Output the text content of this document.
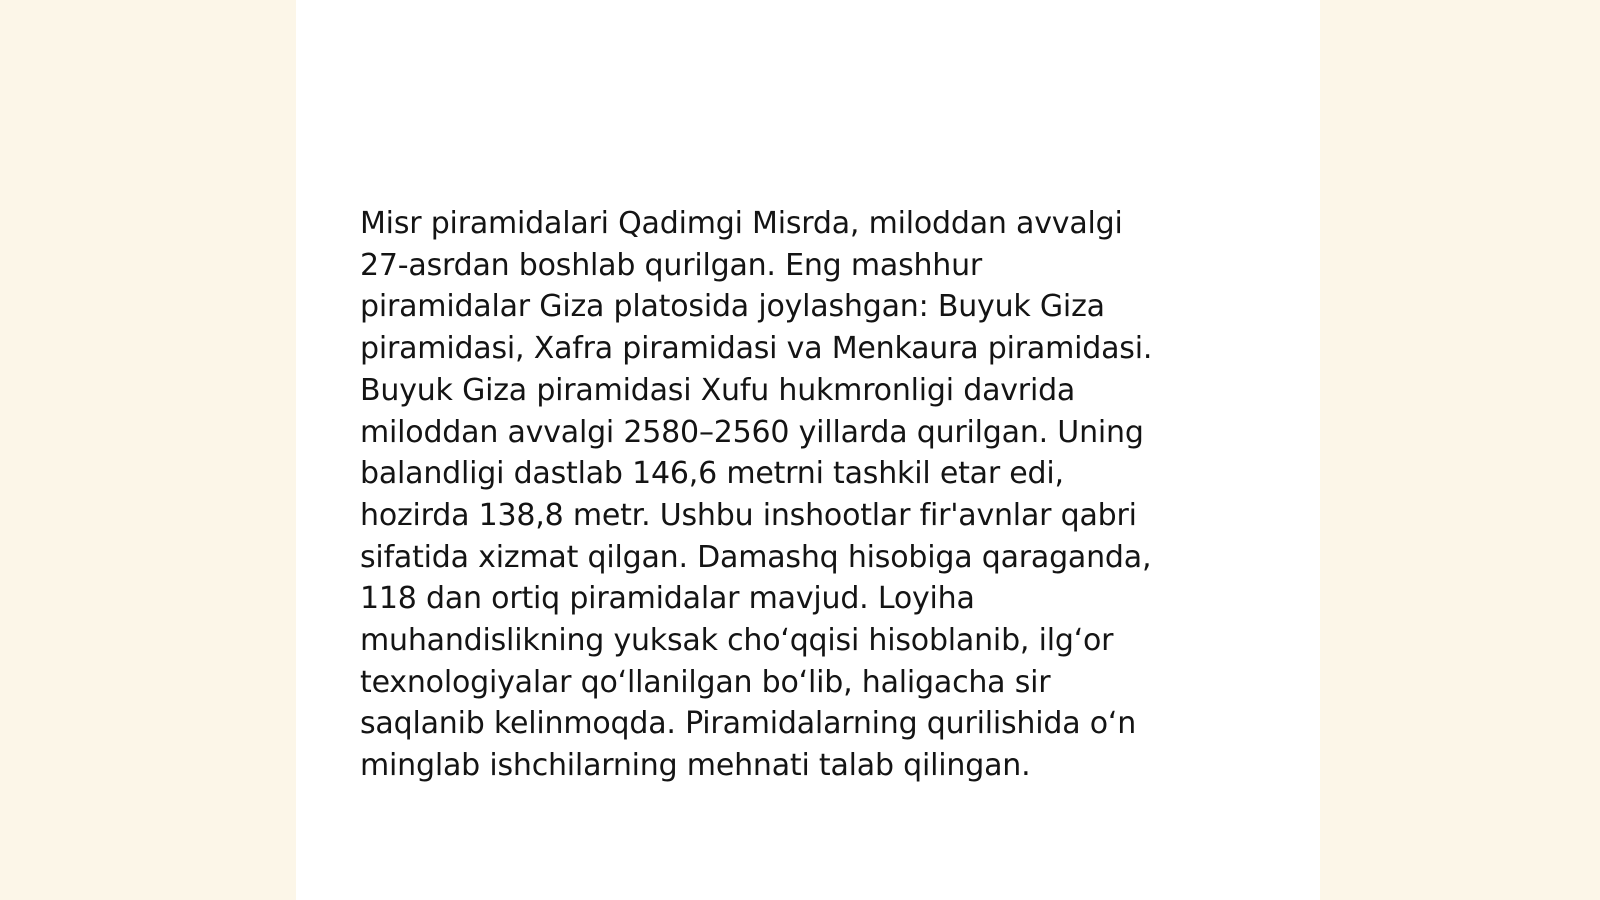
Misr piramidalari Qadimgi Misrda, miloddan avvalgi
27-asrdan boshlab qurilgan. Eng mashhur
piramidalar Giza platosida joylashgan: Buyuk Giza
piramidasi, Xafra piramidasi va Menkaura piramidasi.
Buyuk Giza piramidasi Xufu hukmronligi davrida
miloddan avvalgi 2580–2560 yillarda qurilgan. Uning
balandligi dastlab 146,6 metrni tashkil etar edi,
hozirda 138,8 metr. Ushbu inshootlar fir'avnlar qabri
sifatida xizmat qilgan. Damashq hisobiga qaraganda,
118 dan ortiq piramidalar mavjud. Loyiha
muhandislikning yuksak cho‘qqisi hisoblanib, ilg‘or
texnologiyalar qo‘llanilgan bo‘lib, haligacha sir
saqlanib kelinmoqda. Piramidalarning qurilishida o‘n
minglab ishchilarning mehnati talab qilingan.
